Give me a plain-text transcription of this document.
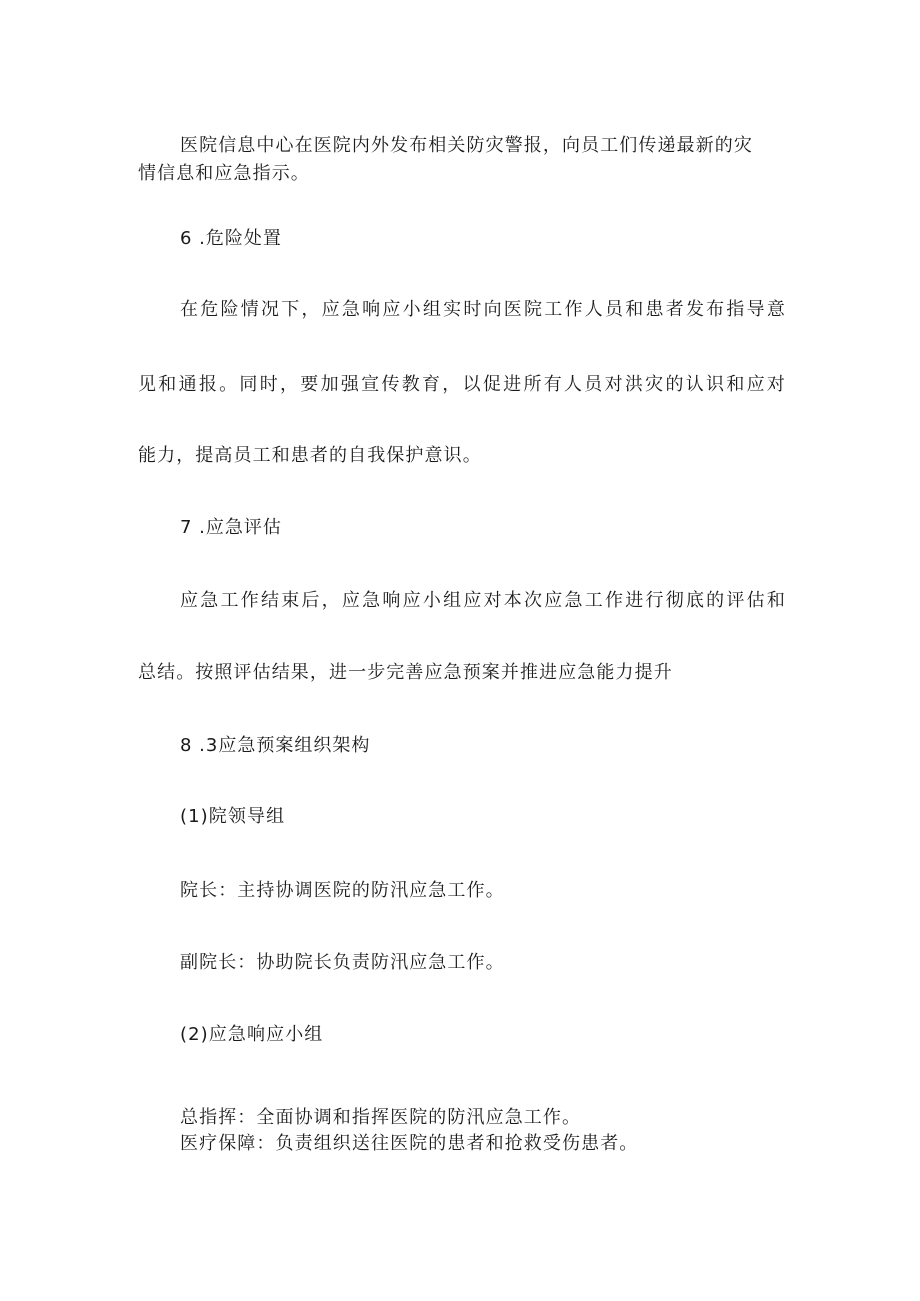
医院信息中心在医院内外发布相关防灾警报，向员工们传递最新的灾
情信息和应急指示。
6 .危险处置
在危险情况下，应急响应小组实时向医院工作人员和患者发布指导意
见和通报。同时，要加强宣传教育，以促进所有人员对洪灾的认识和应对
能力，提高员工和患者的自我保护意识。
7 .应急评估
应急工作结束后，应急响应小组应对本次应急工作进行彻底的评估和
总结。按照评估结果，进一步完善应急预案并推进应急能力提升
8 .3应急预案组织架构
(1)院领导组
院长：主持协调医院的防汛应急工作。
副院长：协助院长负责防汛应急工作。
(2)应急响应小组
总指挥：全面协调和指挥医院的防汛应急工作。
医疗保障：负责组织送往医院的患者和抢救受伤患者。
